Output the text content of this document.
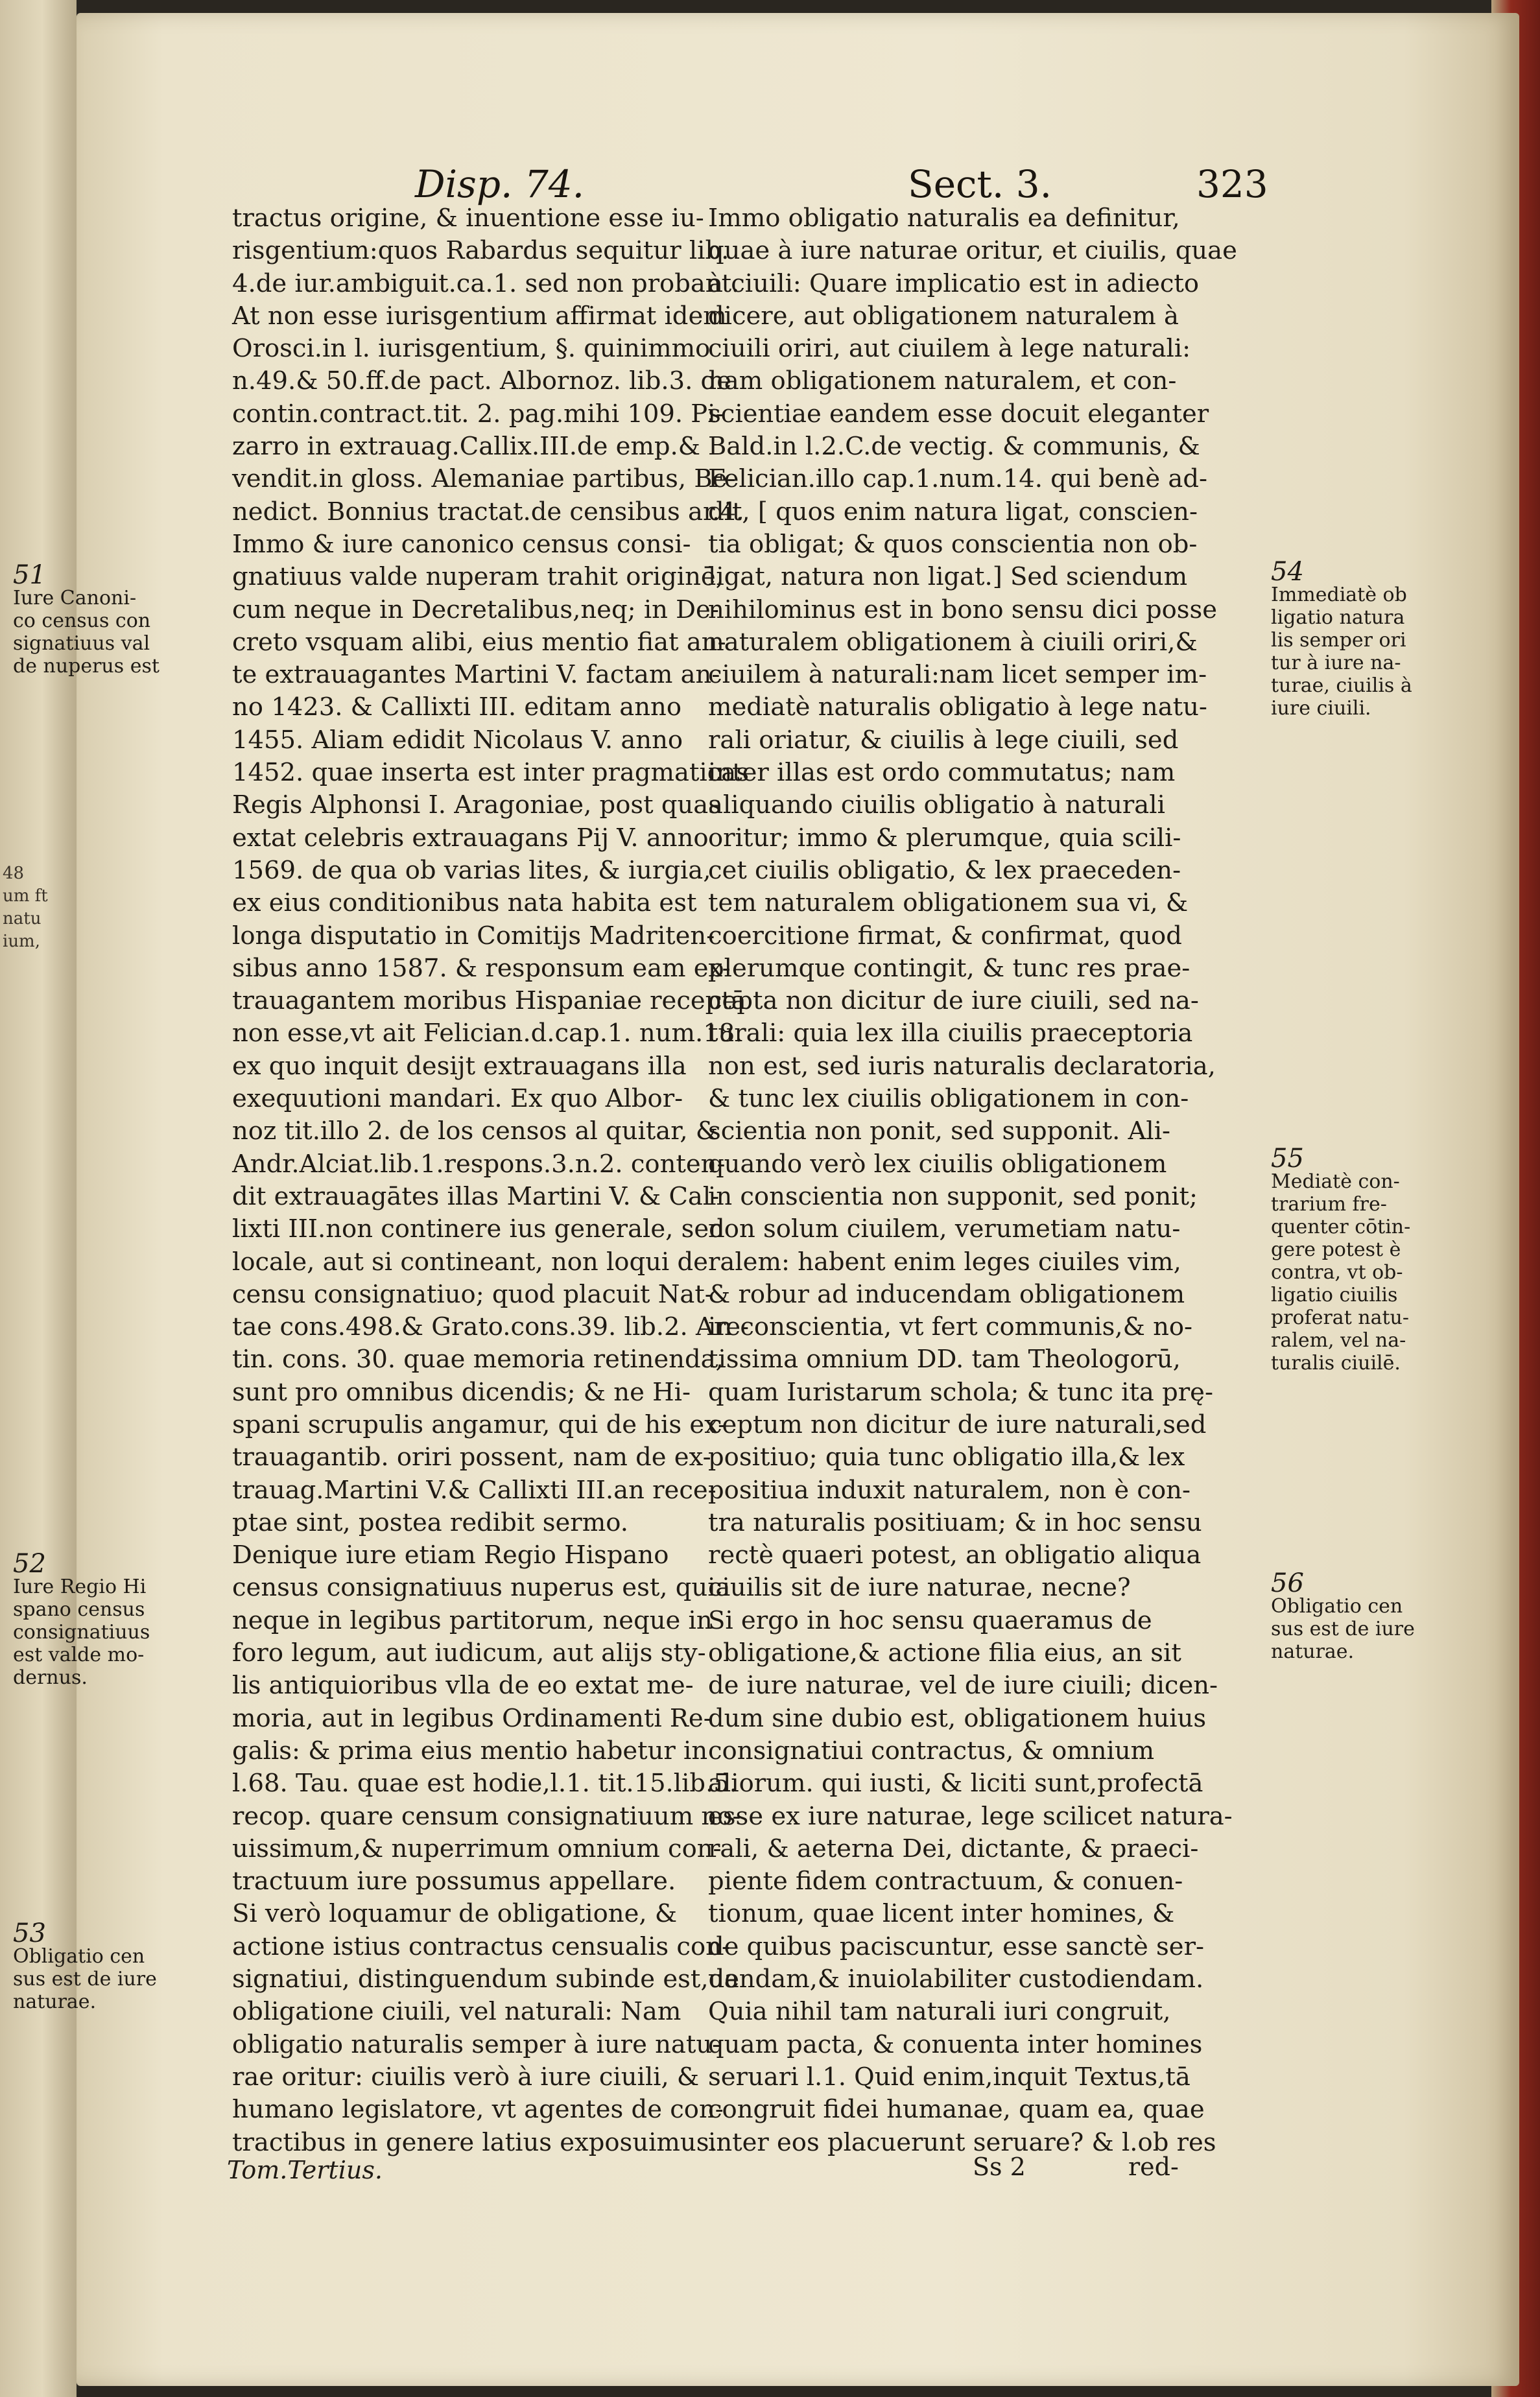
48
um ft
natu
ium,
Disp. 74.	Sect. 3.	323

tractus origine, & inuentione esse iu-

risgentium:quos Rabardus sequitur lib.

4.de iur.ambiguit.ca.1. sed non probant.

At non esse iurisgentium affirmat idem

Orosci.in l. iurisgentium, §. quinimmo

n.49.& 50.ff.de pact. Albornoz. lib.3. de

contin.contract.tit. 2. pag.mihi 109. Pi-

zarro in extrauag.Callix.III.de emp.&

vendit.in gloss. Alemaniae partibus, Be-

nedict. Bonnius tractat.de censibus ar.4.

Immo & iure canonico census consi-

gnatiuus valde nuperam trahit originē,

cum neque in Decretalibus,neq; in De-

creto vsquam alibi, eius mentio fiat an-

te extrauagantes Martini V. factam an-

no 1423. & Callixti III. editam anno

1455. Aliam edidit Nicolaus V. anno

1452. quae inserta est inter pragmaticas

Regis Alphonsi I. Aragoniae, post quas

extat celebris extrauagans Pij V. anno

1569. de qua ob varias lites, & iurgia,

ex eius conditionibus nata habita est

longa disputatio in Comitijs Madriten-

sibus anno 1587. & responsum eam ex-

trauagantem moribus Hispaniae receptā

non esse,vt ait Felician.d.cap.1. num.18.

ex quo inquit desijt extrauagans illa

exequutioni mandari. Ex quo Albor-

noz tit.illo 2. de los censos al quitar, &

Andr.Alciat.lib.1.respons.3.n.2. conten-

dit extrauagātes illas Martini V. & Cal-

lixti III.non continere ius generale, sed

locale, aut si contineant, non loqui de

censu consignatiuo; quod placuit Nat-

tae cons.498.& Grato.cons.39. lib.2. Are-

tin. cons. 30. quae memoria retinenda,

sunt pro omnibus dicendis; & ne Hi-

spani scrupulis angamur, qui de his ex-

trauagantib. oriri possent, nam de ex-

trauag.Martini V.& Callixti III.an rece-

ptae sint, postea redibit sermo.

Denique iure etiam Regio Hispano

census consignatiuus nuperus est, quia

neque in legibus partitorum, neque in

foro legum, aut iudicum, aut alijs sty-

lis antiquioribus vlla de eo extat me-

moria, aut in legibus Ordinamenti Re-

galis: & prima eius mentio habetur in

l.68. Tau. quae est hodie,l.1. tit.15.lib.5.

recop. quare censum consignatiuum no-

uissimum,& nuperrimum omnium con-

tractuum iure possumus appellare.

Si verò loquamur de obligatione, &

actione istius contractus censualis con-

signatiui, distinguendum subinde est,de

obligatione ciuili, vel naturali: Nam

obligatio naturalis semper à iure natu-

rae oritur: ciuilis verò à iure ciuili, &

humano legislatore, vt agentes de con-

tractibus in genere latius exposuimus.

Immo obligatio naturalis ea definitur,

quae à iure naturae oritur, et ciuilis, quae

à ciuili: Quare implicatio est in adiecto

dicere, aut obligationem naturalem à

ciuili oriri, aut ciuilem à lege naturali:

nam obligationem naturalem, et con-

scientiae eandem esse docuit eleganter

Bald.in l.2.C.de vectig. & communis, &

Felician.illo cap.1.num.14. qui benè ad-

dit, [ quos enim natura ligat, conscien-

tia obligat; & quos conscientia non ob-

ligat, natura non ligat.] Sed sciendum

nihilominus est in bono sensu dici posse

naturalem obligationem à ciuili oriri,&

ciuilem à naturali:nam licet semper im-

mediatè naturalis obligatio à lege natu-

rali oriatur, & ciuilis à lege ciuili, sed

inter illas est ordo commutatus; nam

aliquando ciuilis obligatio à naturali

oritur; immo & plerumque, quia scili-

cet ciuilis obligatio, & lex praeceden-

tem naturalem obligationem sua vi, &

coercitione firmat, & confirmat, quod

plerumque contingit, & tunc res prae-

cepta non dicitur de iure ciuili, sed na-

turali: quia lex illa ciuilis praeceptoria

non est, sed iuris naturalis declaratoria,

& tunc lex ciuilis obligationem in con-

scientia non ponit, sed supponit. Ali-

quando verò lex ciuilis obligationem

in conscientia non supponit, sed ponit;

non solum ciuilem, verumetiam natu-

ralem: habent enim leges ciuiles vim,

& robur ad inducendam obligationem

in conscientia, vt fert communis,& no-

tissima omnium DD. tam Theologorū,

quam Iuristarum schola; & tunc ita prę-

ceptum non dicitur de iure naturali,sed

positiuo; quia tunc obligatio illa,& lex

positiua induxit naturalem, non è con-

tra naturalis positiuam; & in hoc sensu

rectè quaeri potest, an obligatio aliqua

ciuilis sit de iure naturae, necne?

Si ergo in hoc sensu quaeramus de

obligatione,& actione filia eius, an sit

de iure naturae, vel de iure ciuili; dicen-

dum sine dubio est, obligationem huius

consignatiui contractus, & omnium

aliorum. qui iusti, & liciti sunt,profectā

esse ex iure naturae, lege scilicet natura-

rali, & aeterna Dei, dictante, & praeci-

piente fidem contractuum, & conuen-

tionum, quae licent inter homines, &

de quibus paciscuntur, esse sanctè ser-

uandam,& inuiolabiliter custodiendam.

Quia nihil tam naturali iuri congruit,

quam pacta, & conuenta inter homines

seruari l.1. Quid enim,inquit Textus,tā

congruit fidei humanae, quam ea, quae

inter eos placuerunt seruare? & l.ob res

51
Iure Canoni-
co census con
signatiuus val
de nuperus est
52
Iure Regio Hi
spano census
consignatiuus
est valde mo-
dernus.
53
Obligatio cen
sus est de iure
naturae.
54
Immediatè ob
ligatio natura
lis semper ori
tur à iure na-
turae, ciuilis à
iure ciuili.
55
Mediatè con-
trarium fre-
quenter cōtin-
gere potest è
contra, vt ob-
ligatio ciuilis
proferat natu-
ralem, vel na-
turalis ciuilē.
56
Obligatio cen
sus est de iure
naturae.
Tom.Tertius.	Ss 2	red-
